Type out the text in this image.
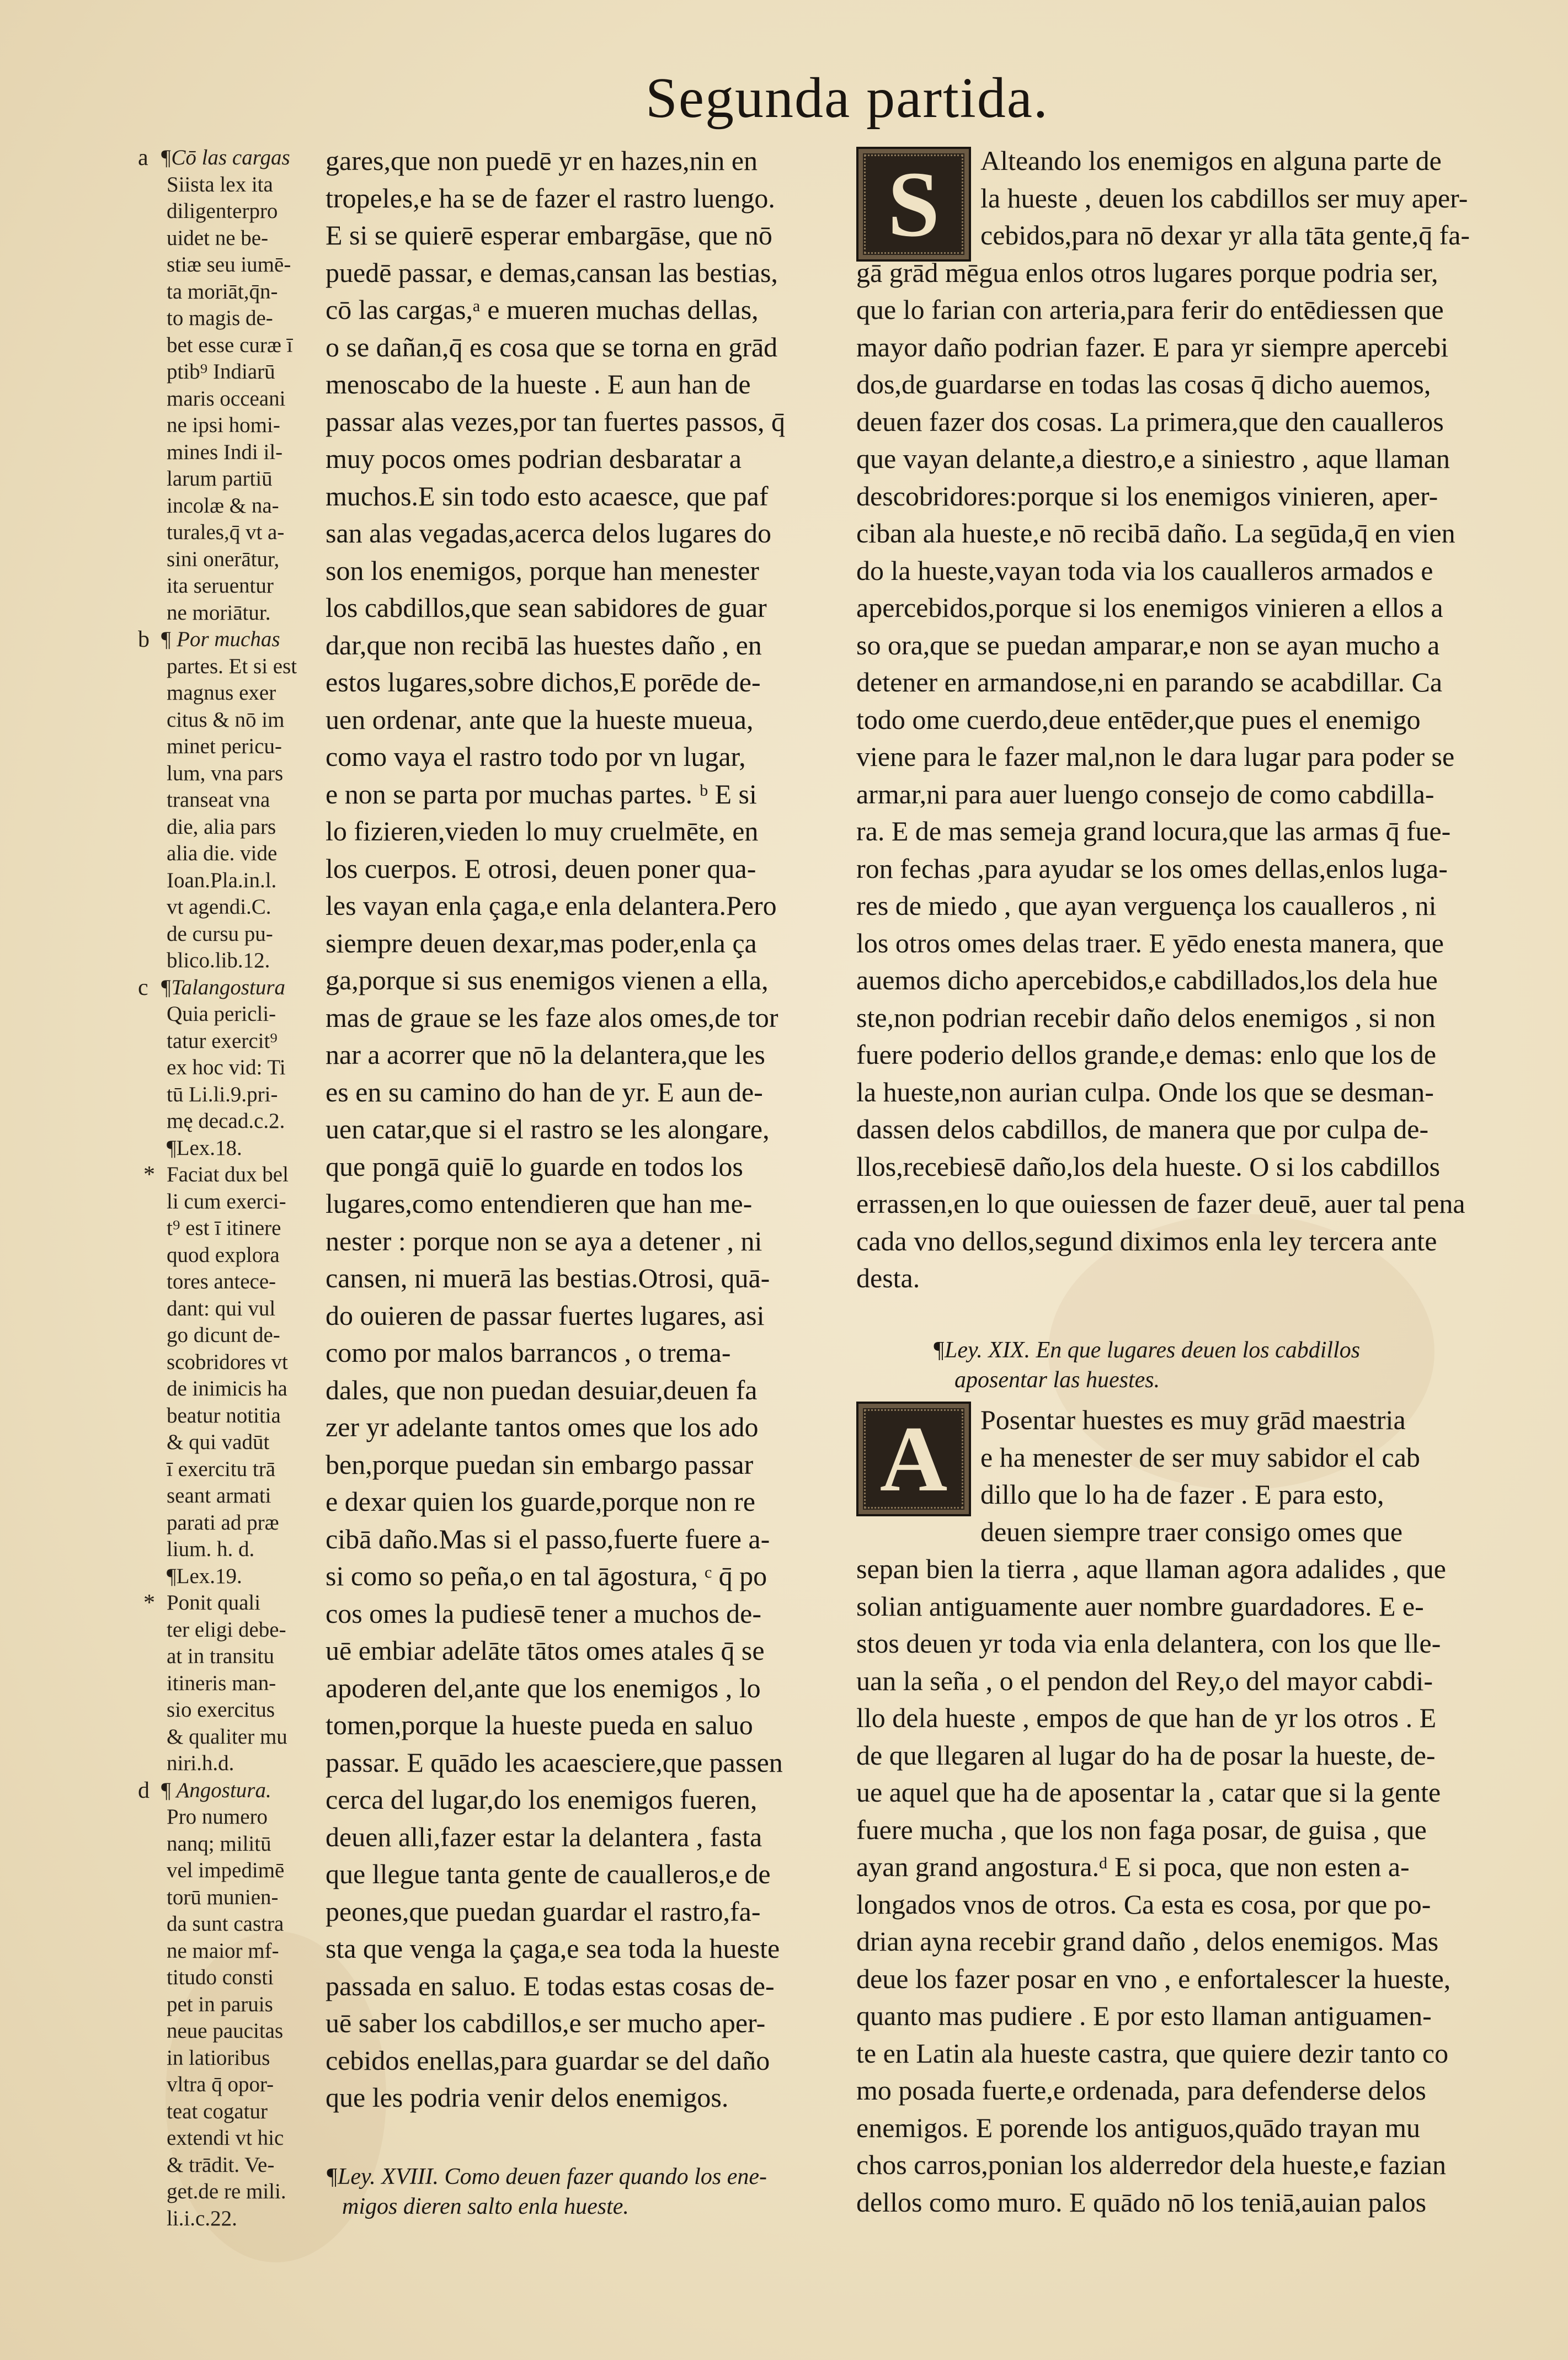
Segunda partida.
a ¶Cō las cargas
Siista lex ita
diligenterpro
uidet ne be-
stiæ seu iumē-
ta moriāt,q̄n-
to magis de-
bet esse curæ ī
ptib⁹ Indiarū
maris occeani
ne ipsi homi-
mines Indi il-
larum partiū
incolæ & na-
turales,q̄ vt a-
sini onerātur,
ita seruentur
ne moriātur.
b ¶ Por muchas
partes. Et si est
magnus exer
citus & nō im
minet pericu-
lum, vna pars
transeat vna
die, alia pars
alia die. vide
Ioan.Pla.in.l.
vt agendi.C.
de cursu pu-
blico.lib.12.
c ¶Talangostura
Quia pericli-
tatur exercit⁹
ex hoc vid: Ti
tū Li.li.9.pri-
mę decad.c.2.
¶Lex.18.
* Faciat dux bel
li cum exerci-
t⁹ est ī itinere
quod explora
tores antece-
dant: qui vul
go dicunt de-
scobridores vt
de inimicis ha
beatur notitia
& qui vadūt
ī exercitu trā
seant armati
parati ad præ
lium. h. d.
¶Lex.19.
* Ponit quali
ter eligi debe-
at in transitu
itineris man-
sio exercitus
& qualiter mu
niri.h.d.
d ¶ Angostura.
Pro numero
nanq; militū
vel impedimē
torū munien-
da sunt castra
ne maior mf-
titudo consti
pet in paruis
neue paucitas
in latioribus
vltra q̄ opor-
teat cogatur
extendi vt hic
& trādit. Ve-
get.de re mili.
li.i.c.22.
gares,que non puedē yr en hazes,nin en
tropeles,e ha se de fazer el rastro luengo.
E si se quierē esperar embargāse, que nō
puedē passar, e demas,cansan las bestias,
cō las cargas,ᵃ e mueren muchas dellas,
o se dañan,q̄ es cosa que se torna en grād
menoscabo de la hueste . E aun han de
passar alas vezes,por tan fuertes passos, q̄
muy pocos omes podrian desbaratar a
muchos.E sin todo esto acaesce, que paf
san alas vegadas,acerca delos lugares do
son los enemigos, porque han menester
los cabdillos,que sean sabidores de guar
dar,que non recibā las huestes daño , en
estos lugares,sobre dichos,E porēde de-
uen ordenar, ante que la hueste mueua,
como vaya el rastro todo por vn lugar,
e non se parta por muchas partes. ᵇ E si
lo fizieren,vieden lo muy cruelmēte, en
los cuerpos. E otrosi, deuen poner qua-
les vayan enla çaga,e enla delantera.Pero
siempre deuen dexar,mas poder,enla ça
ga,porque si sus enemigos vienen a ella,
mas de graue se les faze alos omes,de tor
nar a acorrer que nō la delantera,que les
es en su camino do han de yr. E aun de-
uen catar,que si el rastro se les alongare,
que pongā quiē lo guarde en todos los
lugares,como entendieren que han me-
nester : porque non se aya a detener , ni
cansen, ni muerā las bestias.Otrosi, quā-
do ouieren de passar fuertes lugares, asi
como por malos barrancos , o trema-
dales, que non puedan desuiar,deuen fa
zer yr adelante tantos omes que los ado
ben,porque puedan sin embargo passar
e dexar quien los guarde,porque non re
cibā daño.Mas si el passo,fuerte fuere a-
si como so peña,o en tal āgostura, ᶜ q̄ po
cos omes la pudiesē tener a muchos de-
uē embiar adelāte tātos omes atales q̄ se
apoderen del,ante que los enemigos , lo
tomen,porque la hueste pueda en saluo
passar. E quādo les acaesciere,que passen
cerca del lugar,do los enemigos fueren,
deuen alli,fazer estar la delantera , fasta
que llegue tanta gente de caualleros,e de
peones,que puedan guardar el rastro,fa-
sta que venga la çaga,e sea toda la hueste
passada en saluo. E todas estas cosas de-
uē saber los cabdillos,e ser mucho aper-
cebidos enellas,para guardar se del daño
que les podria venir delos enemigos.
S	Alteando los enemigos en alguna parte de
la hueste , deuen los cabdillos ser muy aper-
cebidos,para nō dexar yr alla tāta gente,q̄ fa-
gā grād mēgua enlos otros lugares porque podria ser,
que lo farian con arteria,para ferir do entēdiessen que
mayor daño podrian fazer. E para yr siempre apercebi
dos,de guardarse en todas las cosas q̄ dicho auemos,
deuen fazer dos cosas. La primera,que den caualleros
que vayan delante,a diestro,e a siniestro , aque llaman
descobridores:porque si los enemigos vinieren, aper-
ciban ala hueste,e nō recibā daño. La segūda,q̄ en vien
do la hueste,vayan toda via los caualleros armados e
apercebidos,porque si los enemigos vinieren a ellos a
so ora,que se puedan amparar,e non se ayan mucho a
detener en armandose,ni en parando se acabdillar. Ca
todo ome cuerdo,deue entēder,que pues el enemigo
viene para le fazer mal,non le dara lugar para poder se
armar,ni para auer luengo consejo de como cabdilla-
ra. E de mas semeja grand locura,que las armas q̄ fue-
ron fechas ,para ayudar se los omes dellas,enlos luga-
res de miedo , que ayan verguença los caualleros , ni
los otros omes delas traer. E yēdo enesta manera, que
auemos dicho apercebidos,e cabdillados,los dela hue
ste,non podrian recebir daño delos enemigos , si non
fuere poderio dellos grande,e demas: enlo que los de
la hueste,non aurian culpa. Onde los que se desman-
dassen delos cabdillos, de manera que por culpa de-
llos,recebiesē daño,los dela hueste. O si los cabdillos
errassen,en lo que ouiessen de fazer deuē, auer tal pena
cada vno dellos,segund diximos enla ley tercera ante
desta.
¶Ley. XIX. En que lugares deuen los cabdillos
aposentar las huestes.
A	Posentar huestes es muy grād maestria
e ha menester de ser muy sabidor el cab
dillo que lo ha de fazer . E para esto,
deuen siempre traer consigo omes que
sepan bien la tierra , aque llaman agora adalides , que
solian antiguamente auer nombre guardadores. E e-
stos deuen yr toda via enla delantera, con los que lle-
uan la seña , o el pendon del Rey,o del mayor cabdi-
llo dela hueste , empos de que han de yr los otros . E
de que llegaren al lugar do ha de posar la hueste, de-
ue aquel que ha de aposentar la , catar que si la gente
fuere mucha , que los non faga posar, de guisa , que
ayan grand angostura.ᵈ E si poca, que non esten a-
longados vnos de otros. Ca esta es cosa, por que po-
drian ayna recebir grand daño , delos enemigos. Mas
deue los fazer posar en vno , e enfortalescer la hueste,
quanto mas pudiere . E por esto llaman antiguamen-
te en Latin ala hueste castra, que quiere dezir tanto co
mo posada fuerte,e ordenada, para defenderse delos
enemigos. E porende los antiguos,quādo trayan mu
chos carros,ponian los alderredor dela hueste,e fazian
dellos como muro. E quādo nō los teniā,auian palos
¶Ley. XVIII. Como deuen fazer quando los ene-
migos dieren salto enla hueste.
